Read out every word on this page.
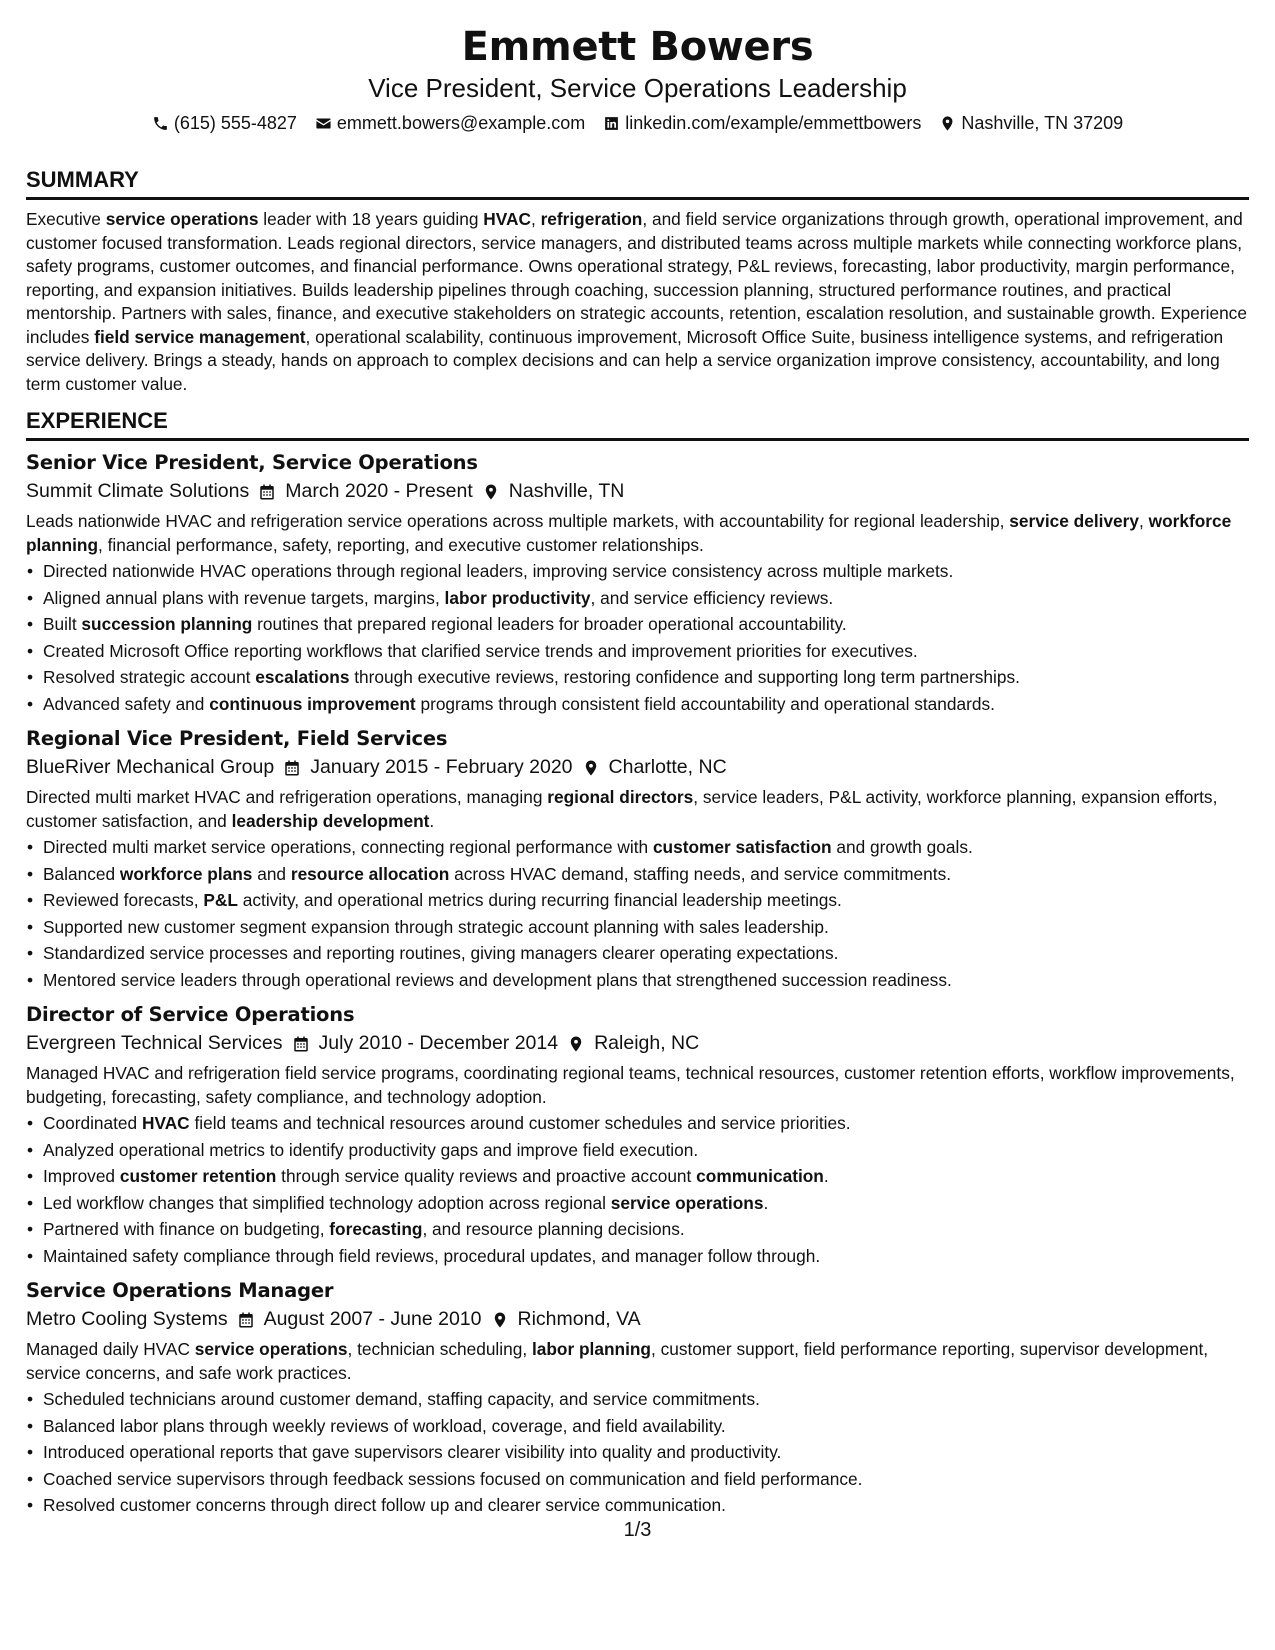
Emmett Bowers

Vice President, Service Operations Leadership

(615) 555-4827 emmett.bowers@example.com linkedin.com/example/emmettbowers Nashville, TN 37209
SUMMARY

Executive service operations leader with 18 years guiding HVAC, refrigeration, and field service organizations through growth, operational improvement, and customer focused transformation. Leads regional directors, service managers, and distributed teams across multiple markets while connecting workforce plans, safety programs, customer outcomes, and financial performance. Owns operational strategy, P&L reviews, forecasting, labor productivity, margin performance, reporting, and expansion initiatives. Builds leadership pipelines through coaching, succession planning, structured performance routines, and practical mentorship. Partners with sales, finance, and executive stakeholders on strategic accounts, retention, escalation resolution, and sustainable growth. Experience includes field service management, operational scalability, continuous improvement, Microsoft Office Suite, business intelligence systems, and refrigeration service delivery. Brings a steady, hands on approach to complex decisions and can help a service organization improve consistency, accountability, and long term customer value.

EXPERIENCE
Senior Vice President, Service Operations
Summit Climate Solutions March 2020 - Present Nashville, TN

Leads nationwide HVAC and refrigeration service operations across multiple markets, with accountability for regional leadership, service delivery, workforce planning, financial performance, safety, reporting, and executive customer relationships.

• Directed nationwide HVAC operations through regional leaders, improving service consistency across multiple markets.
• Aligned annual plans with revenue targets, margins, labor productivity, and service efficiency reviews.
• Built succession planning routines that prepared regional leaders for broader operational accountability.
• Created Microsoft Office reporting workflows that clarified service trends and improvement priorities for executives.
• Resolved strategic account escalations through executive reviews, restoring confidence and supporting long term partnerships.
• Advanced safety and continuous improvement programs through consistent field accountability and operational standards.
Regional Vice President, Field Services
BlueRiver Mechanical Group January 2015 - February 2020 Charlotte, NC

Directed multi market HVAC and refrigeration operations, managing regional directors, service leaders, P&L activity, workforce planning, expansion efforts, customer satisfaction, and leadership development.

• Directed multi market service operations, connecting regional performance with customer satisfaction and growth goals.
• Balanced workforce plans and resource allocation across HVAC demand, staffing needs, and service commitments.
• Reviewed forecasts, P&L activity, and operational metrics during recurring financial leadership meetings.
• Supported new customer segment expansion through strategic account planning with sales leadership.
• Standardized service processes and reporting routines, giving managers clearer operating expectations.
• Mentored service leaders through operational reviews and development plans that strengthened succession readiness.
Director of Service Operations
Evergreen Technical Services July 2010 - December 2014 Raleigh, NC

Managed HVAC and refrigeration field service programs, coordinating regional teams, technical resources, customer retention efforts, workflow improvements, budgeting, forecasting, safety compliance, and technology adoption.

• Coordinated HVAC field teams and technical resources around customer schedules and service priorities.
• Analyzed operational metrics to identify productivity gaps and improve field execution.
• Improved customer retention through service quality reviews and proactive account communication.
• Led workflow changes that simplified technology adoption across regional service operations.
• Partnered with finance on budgeting, forecasting, and resource planning decisions.
• Maintained safety compliance through field reviews, procedural updates, and manager follow through.
Service Operations Manager
Metro Cooling Systems August 2007 - June 2010 Richmond, VA

Managed daily HVAC service operations, technician scheduling, labor planning, customer support, field performance reporting, supervisor development, service concerns, and safe work practices.

• Scheduled technicians around customer demand, staffing capacity, and service commitments.
• Balanced labor plans through weekly reviews of workload, coverage, and field availability.
• Introduced operational reports that gave supervisors clearer visibility into quality and productivity.
• Coached service supervisors through feedback sessions focused on communication and field performance.
• Resolved customer concerns through direct follow up and clearer service communication.
1/3
